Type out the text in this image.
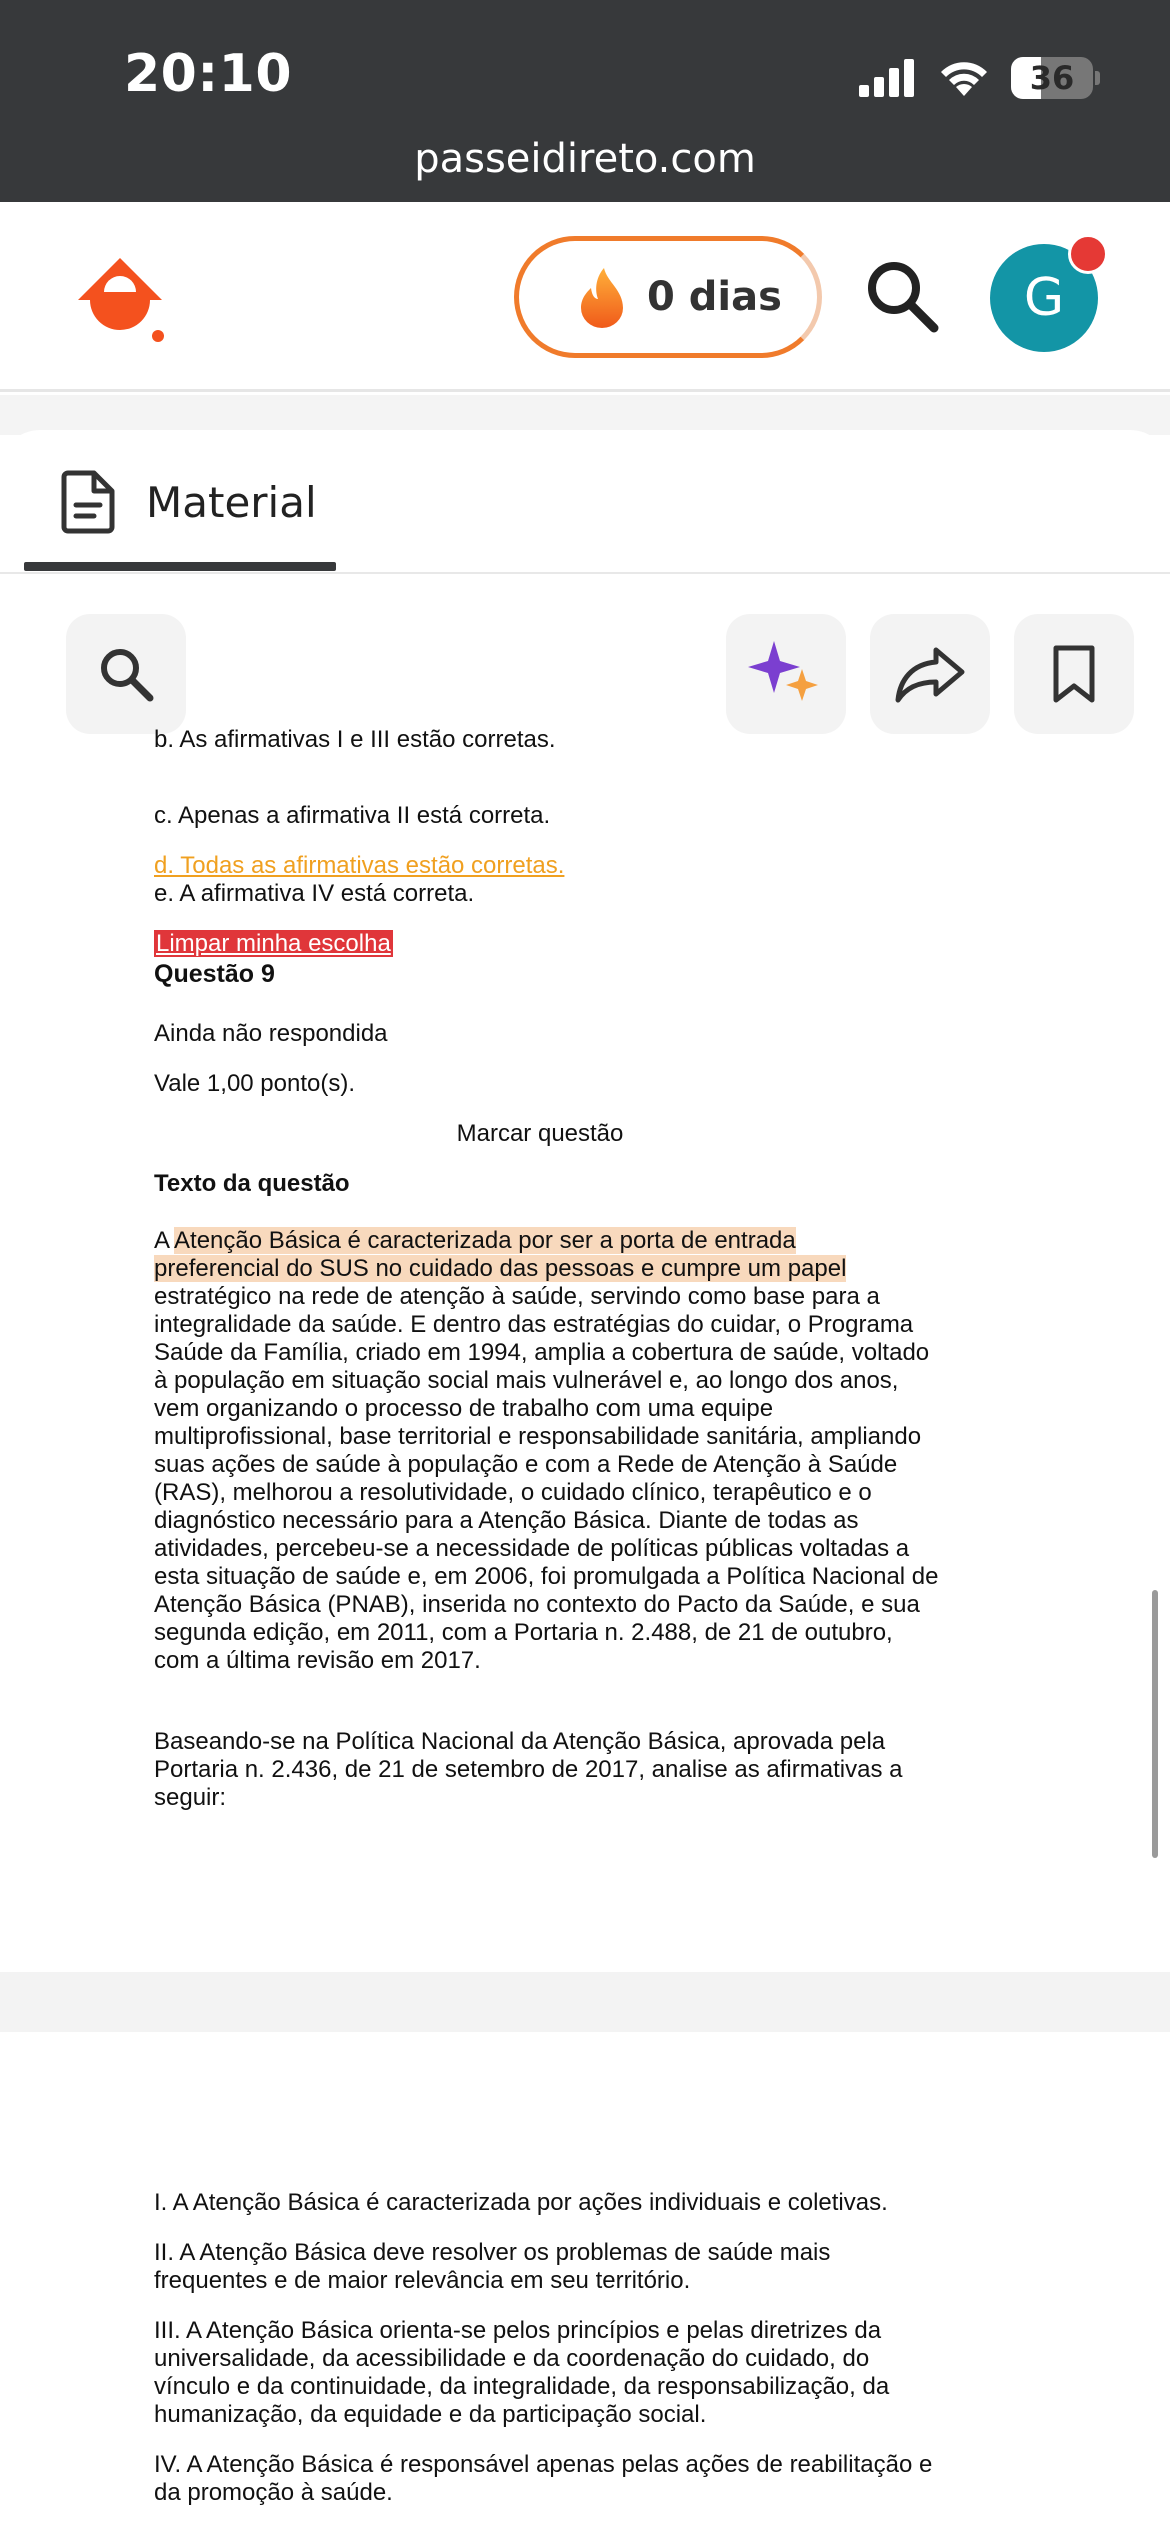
20:10	36
passeidireto.com
0 dias	G
Material
b. As afirmativas I e III estão corretas.
c. Apenas a afirmativa II está correta.
d. Todas as afirmativas estão corretas.
e. A afirmativa IV está correta.
Limpar minha escolha
Questão 9
Ainda não respondida
Vale 1,00 ponto(s).
Marcar questão
Texto da questão
A Atenção Básica é caracterizada por ser a porta de entrada
preferencial do SUS no cuidado das pessoas e cumpre um papel
estratégico na rede de atenção à saúde, servindo como base para a integralidade da saúde. E dentro das estratégias do cuidar, o Programa Saúde da Família, criado em 1994, amplia a cobertura de saúde, voltado à população em situação social mais vulnerável e, ao longo dos anos, vem organizando o processo de trabalho com uma equipe multiprofissional, base territorial e responsabilidade sanitária, ampliando suas ações de saúde à população e com a Rede de Atenção à Saúde (RAS), melhorou a resolutividade, o cuidado clínico, terapêutico e o diagnóstico necessário para a Atenção Básica. Diante de todas as atividades, percebeu-se a necessidade de políticas públicas voltadas a esta situação de saúde e, em 2006, foi promulgada a Política Nacional de Atenção Básica (PNAB), inserida no contexto do Pacto da Saúde, e sua segunda edição, em 2011, com a Portaria n. 2.488, de 21 de outubro, com a última revisão em 2017.
Baseando-se na Política Nacional da Atenção Básica, aprovada pela Portaria n. 2.436, de 21 de setembro de 2017, analise as afirmativas a seguir:
I. A Atenção Básica é caracterizada por ações individuais e coletivas.
II. A Atenção Básica deve resolver os problemas de saúde mais frequentes e de maior relevância em seu território.
III. A Atenção Básica orienta-se pelos princípios e pelas diretrizes da universalidade, da acessibilidade e da coordenação do cuidado, do vínculo e da continuidade, da integralidade, da responsabilização, da humanização, da equidade e da participação social.
IV. A Atenção Básica é responsável apenas pelas ações de reabilitação e da promoção à saúde.
